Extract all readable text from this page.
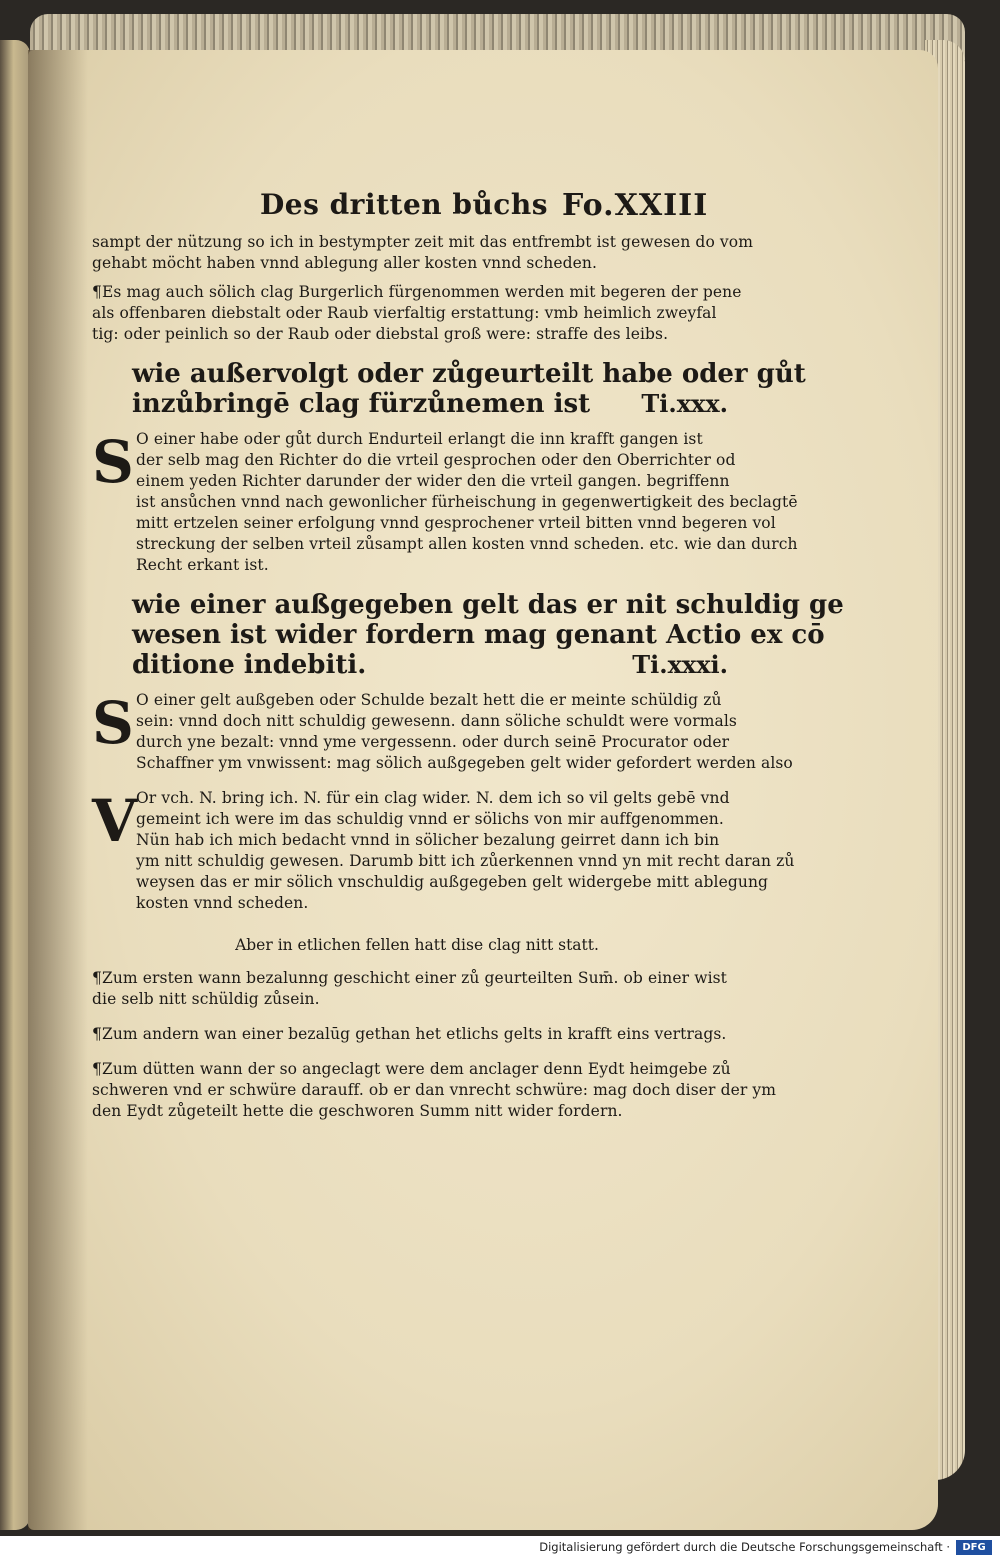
Des dritten bůchs Fo.XXIII

sampt der nützung so ich in bestympter zeit mit das entfrembt ist gewesen do vom
gehabt möcht haben vnnd ablegung aller kosten vnnd scheden.

¶Es mag auch sölich clag Burgerlich fürgenommen werden mit begeren der pene
als offenbaren diebstalt oder Raub vierfaltig erstattung: vmb heimlich zweyfal
tig: oder peinlich so der Raub oder diebstal groß were: straffe des leibs.

wie außervolgt oder zůgeurteilt habe oder gůt
inzůbringē clag fürzůnemen ist Ti.xxx.
S O einer habe oder gůt durch Endurteil erlangt die inn krafft gangen ist
der selb mag den Richter do die vrteil gesprochen oder den Oberrichter od
einem yeden Richter darunder der wider den die vrteil gangen. begriffenn
ist ansůchen vnnd nach gewonlicher fürheischung in gegenwertigkeit des beclagtē
mitt ertzelen seiner erfolgung vnnd gesprochener vrteil bitten vnnd begeren vol
streckung der selben vrteil zůsampt allen kosten vnnd scheden. etc. wie dan durch
Recht erkant ist.
wie einer außgegeben gelt das er nit schuldig ge
wesen ist wider fordern mag genant Actio ex cō
ditione indebiti.	Ti.xxxi.
S O einer gelt außgeben oder Schulde bezalt hett die er meinte schüldig zů
sein: vnnd doch nitt schuldig gewesenn. dann söliche schuldt were vormals
durch yne bezalt: vnnd yme vergessenn. oder durch seinē Procurator oder
Schaffner ym vnwissent: mag sölich außgegeben gelt wider gefordert werden also
V
Or vch. N. bring ich. N. für ein clag wider. N. dem ich so vil gelts gebē vnd
gemeint ich were im das schuldig vnnd er sölichs von mir auffgenommen.
Nün hab ich mich bedacht vnnd in sölicher bezalung geirret dann ich bin
ym nitt schuldig gewesen. Darumb bitt ich zůerkennen vnnd yn mit recht daran zů
weysen das er mir sölich vnschuldig außgegeben gelt widergebe mitt ablegung
kosten vnnd scheden.
Aber in etlichen fellen hatt dise clag nitt statt.

¶Zum ersten wann bezalunng geschicht einer zů geurteilten Sum̄. ob einer wist
die selb nitt schüldig zůsein.

¶Zum andern wan einer bezalūg gethan het etlichs gelts in krafft eins vertrags.

¶Zum dütten wann der so angeclagt were dem anclager denn Eydt heimgebe zů
schweren vnd er schwüre darauff. ob er dan vnrecht schwüre: mag doch diser der ym
den Eydt zůgeteilt hette die geschworen Summ nitt wider fordern.

Digitalisierung gefördert durch die Deutsche Forschungsgemeinschaft ·	DFG
